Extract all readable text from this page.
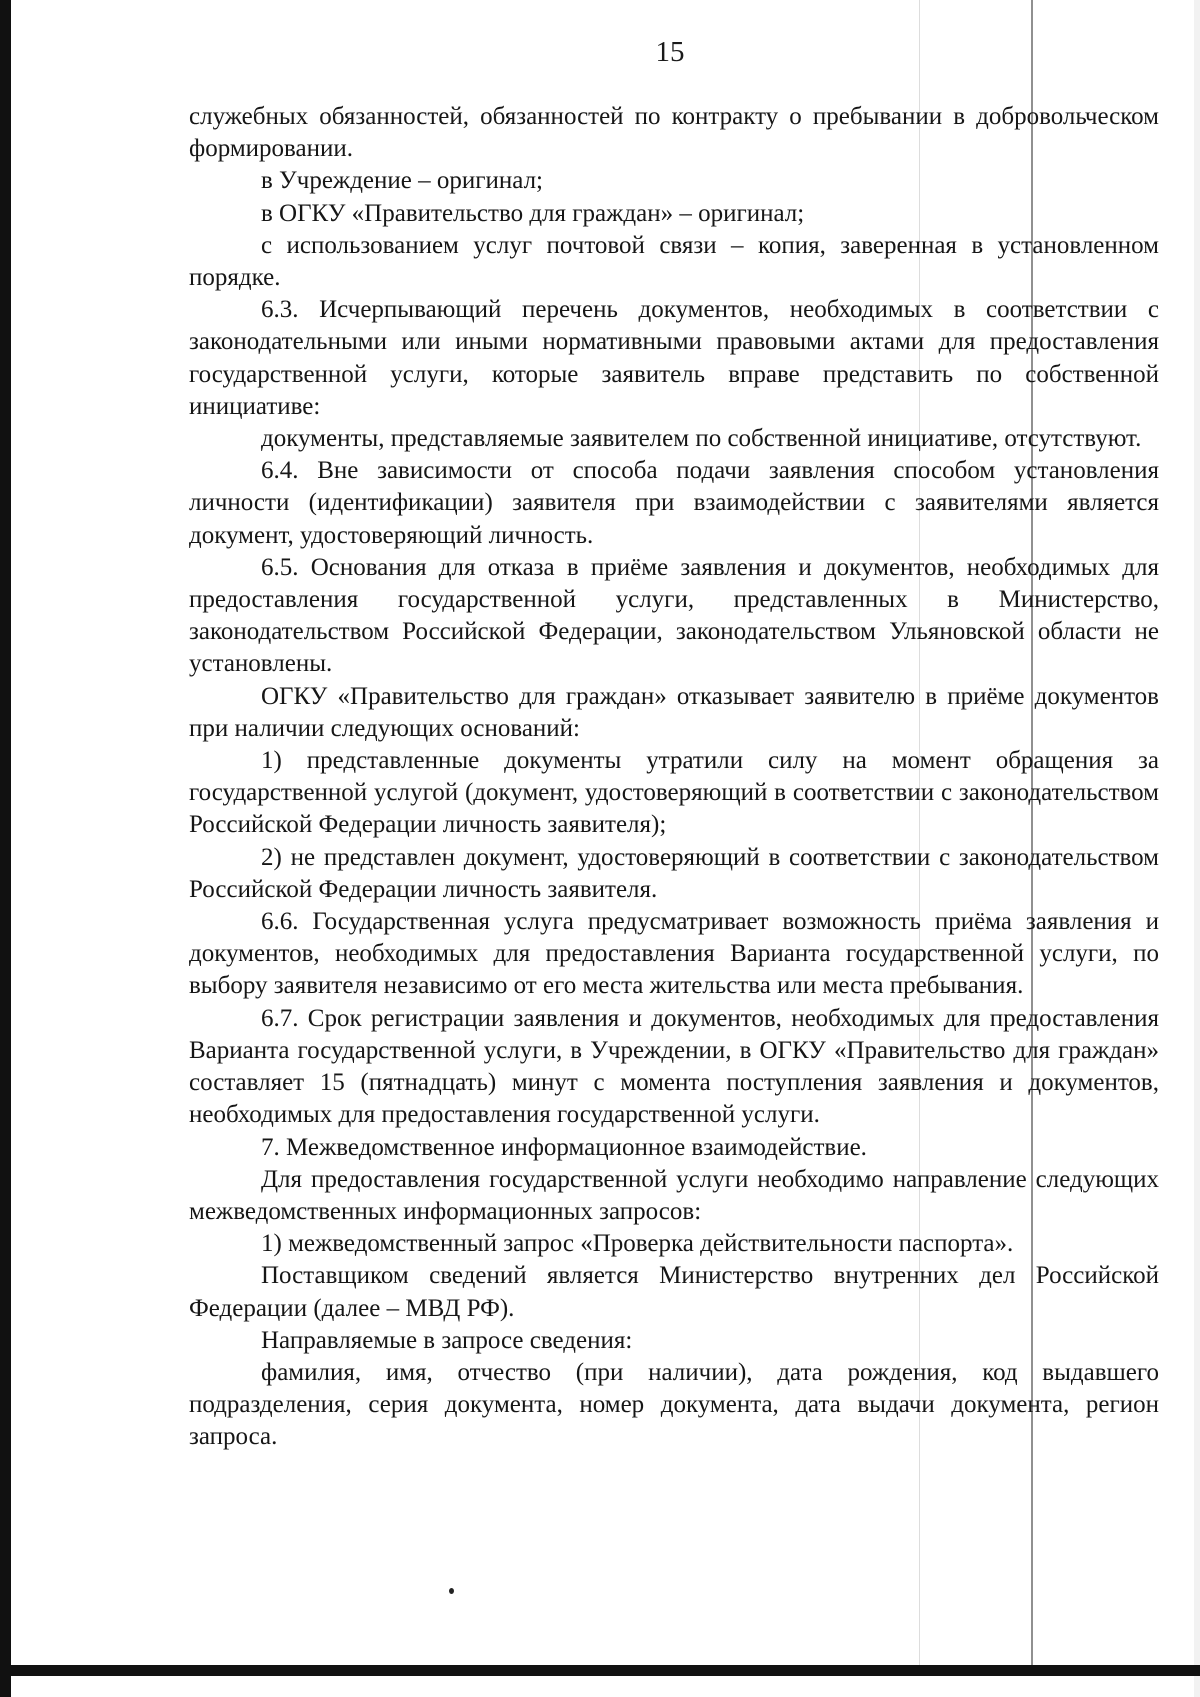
15

служебных обязанностей, обязанностей по контракту о пребывании в добровольческом формировании.

в Учреждение – оригинал;

в ОГКУ «Правительство для граждан» – оригинал;

с использованием услуг почтовой связи – копия, заверенная в установленном порядке.

6.3. Исчерпывающий перечень документов, необходимых в соответствии с законодательными или иными нормативными правовыми актами для предоставления государственной услуги, которые заявитель вправе представить по собственной инициативе:

документы, представляемые заявителем по собственной инициативе, отсутствуют.

6.4. Вне зависимости от способа подачи заявления способом установления личности (идентификации) заявителя при взаимодействии с заявителями является документ, удостоверяющий личность.

6.5. Основания для отказа в приёме заявления и документов, необходимых для предоставления государственной услуги, представленных в Министерство, законодательством Российской Федерации, законодательством Ульяновской области не установлены.

ОГКУ «Правительство для граждан» отказывает заявителю в приёме документов при наличии следующих оснований:

1) представленные документы утратили силу на момент обращения за государственной услугой (документ, удостоверяющий в соответствии с законодательством Российской Федерации личность заявителя);

2) не представлен документ, удостоверяющий в соответствии с законодательством Российской Федерации личность заявителя.

6.6. Государственная услуга предусматривает возможность приёма заявления и документов, необходимых для предоставления Варианта государственной услуги, по выбору заявителя независимо от его места жительства или места пребывания.

6.7. Срок регистрации заявления и документов, необходимых для предоставления Варианта государственной услуги, в Учреждении, в ОГКУ «Правительство для граждан» составляет 15 (пятнадцать) минут с момента поступления заявления и документов, необходимых для предоставления государственной услуги.

7. Межведомственное информационное взаимодействие.

Для предоставления государственной услуги необходимо направление следующих межведомственных информационных запросов:

1) межведомственный запрос «Проверка действительности паспорта».

Поставщиком сведений является Министерство внутренних дел Российской Федерации (далее – МВД РФ).

Направляемые в запросе сведения:

фамилия, имя, отчество (при наличии), дата рождения, код выдавшего подразделения, серия документа, номер документа, дата выдачи документа, регион запроса.
